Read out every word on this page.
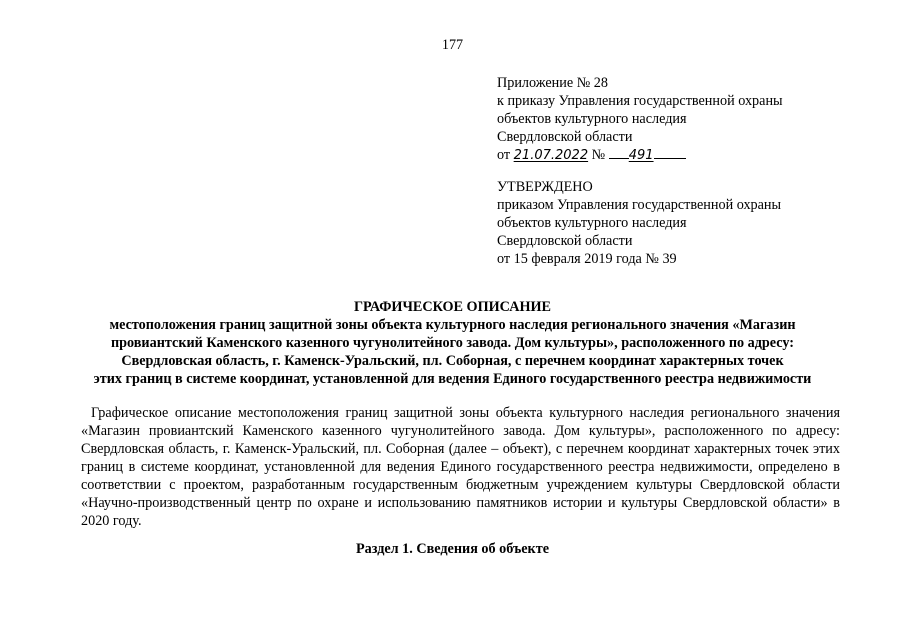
177
Приложение № 28
к приказу Управления государственной охраны
объектов культурного наследия
Свердловской области
от 21.07.2022 № 491
УТВЕРЖДЕНО
приказом Управления государственной охраны
объектов культурного наследия
Свердловской области
от 15 февраля 2019 года № 39
ГРАФИЧЕСКОЕ ОПИСАНИЕ
местоположения границ защитной зоны объекта культурного наследия регионального значения «Магазин
провиантский Каменского казенного чугунолитейного завода. Дом культуры», расположенного по адресу:
Свердловская область, г. Каменск-Уральский, пл. Соборная, с перечнем координат характерных точек
этих границ в системе координат, установленной для ведения Единого государственного реестра недвижимости
Графическое описание местоположения границ защитной зоны объекта культурного наследия регионального значения «Магазин провиантский Каменского казенного чугунолитейного завода. Дом культуры», расположенного по адресу: Свердловская область, г. Каменск-Уральский, пл. Соборная (далее – объект), с перечнем координат характерных точек этих границ в системе координат, установленной для ведения Единого государственного реестра недвижимости, определено в соответствии с проектом, разработанным государственным бюджетным учреждением культуры Свердловской области «Научно-производственный центр по охране и использованию памятников истории и культуры Свердловской области» в 2020 году.
Раздел 1. Сведения об объекте
